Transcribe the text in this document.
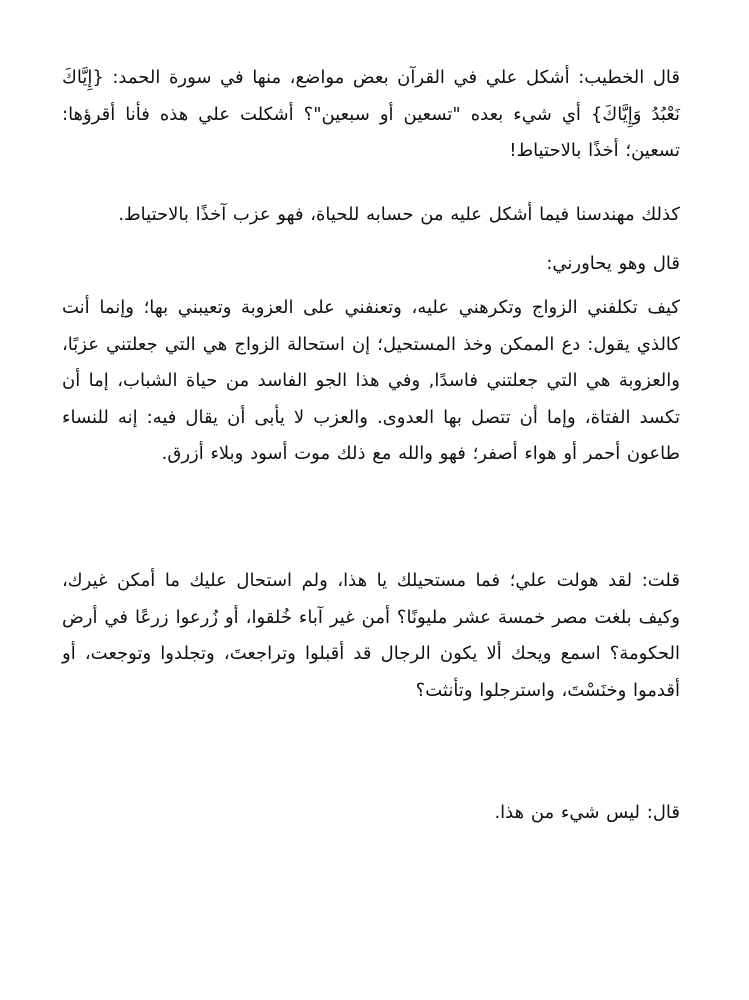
قال الخطيب: أشكل علي في القرآن بعض مواضع، منها في سورة الحمد: {إِيَّاكَ نَعْبُدُ وَإِيَّاكَ} أي شيء بعده "تسعين أو سبعين"؟ أشكلت علي هذه فأنا أقرؤها: تسعين؛ أخذًا بالاحتياط!

كذلك مهندسنا فيما أشكل عليه من حسابه للحياة، فهو عزب آخذًا بالاحتياط.

قال وهو يحاورني:

كيف تكلفني الزواج وتكرهني عليه، وتعنفني على العزوبة وتعيبني بها؛ وإنما أنت كالذي يقول: دع الممكن وخذ المستحيل؛ إن استحالة الزواج هي التي جعلتني عزبًا، والعزوبة هي التي جعلتني فاسدًا, وفي هذا الجو الفاسد من حياة الشباب، إما أن تكسد الفتاة، وإما أن تتصل بها العدوى. والعزب لا يأبى أن يقال فيه: إنه للنساء طاعون أحمر أو هواء أصفر؛ فهو والله مع ذلك موت أسود وبلاء أزرق.

قلت: لقد هولت علي؛ فما مستحيلك يا هذا، ولم استحال عليك ما أمكن غيرك، وكيف بلغت مصر خمسة عشر مليونًا؟ أمن غير آباء خُلقوا، أو زُرعوا زرعًا في أرض الحكومة؟ اسمع ويحك ألا يكون الرجال قد أقبلوا وتراجعتَ، وتجلدوا وتوجعت، أو أقدموا وخنَسْتَ، واسترجلوا وتأنثت؟

قال: ليس شيء من هذا.
